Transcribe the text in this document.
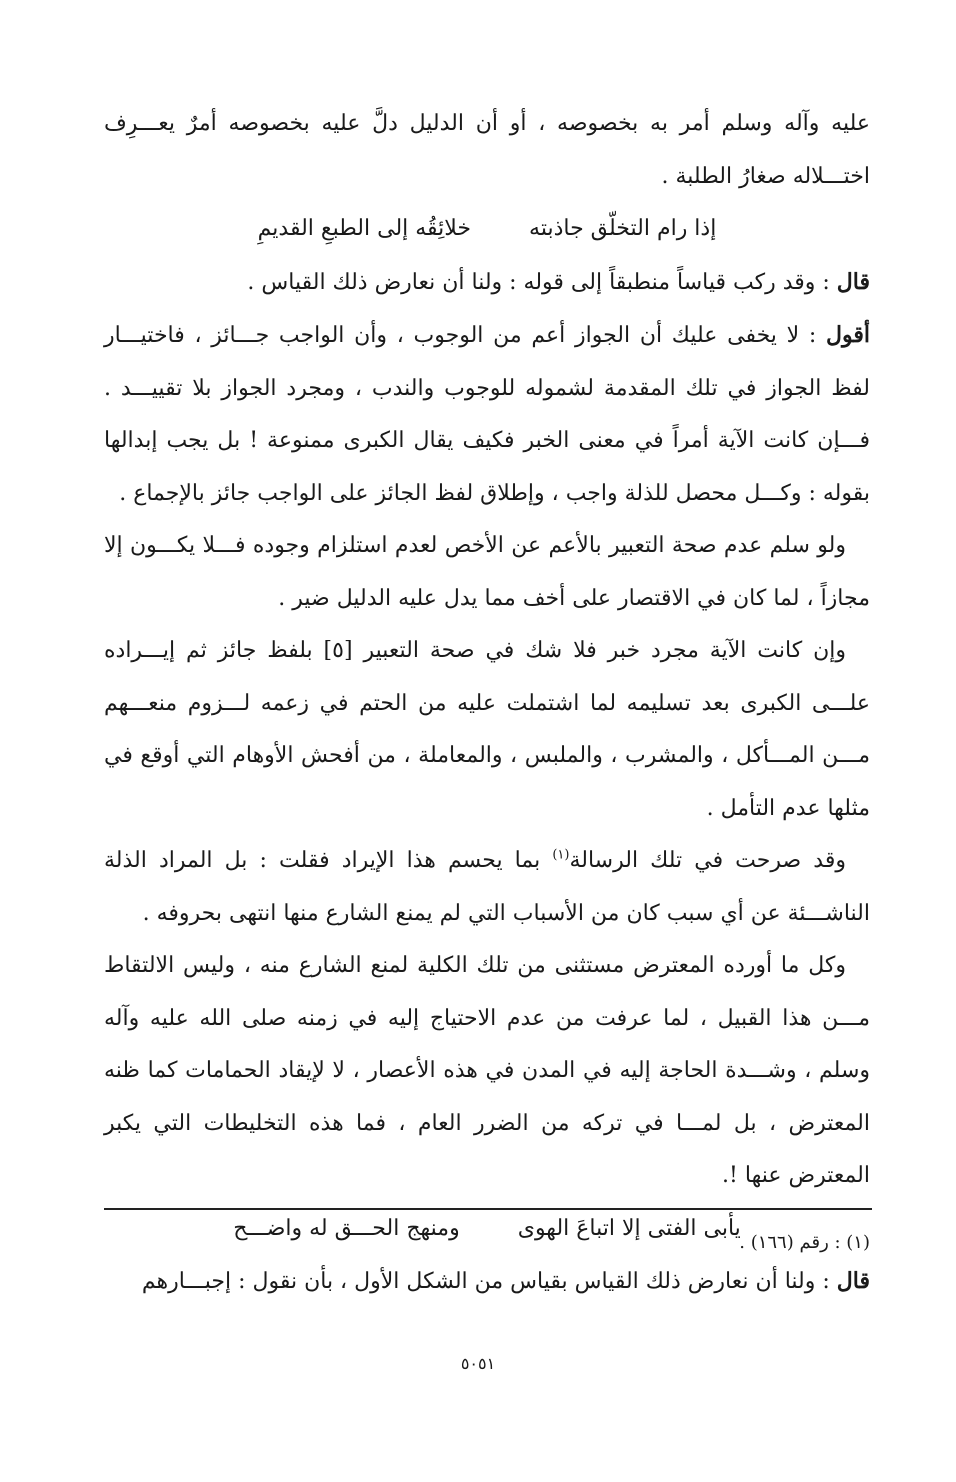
عليه وآله وسلم أمر به بخصوصه ، أو أن الدليل دلَّ عليه بخصوصه أمرٌ يعـــرِف اختـــلاله صغارُ الطلبة .

إذا رام التخلّق جاذبته
خلائِقُه إلى الطبعِ القديمِ

قال : وقد ركب قياساً منطبقاً إلى قوله : ولنا أن نعارض ذلك القياس .

أقول : لا يخفى عليك أن الجواز أعم من الوجوب ، وأن الواجب جـــائز ، فاختيـــار لفظ الجواز في تلك المقدمة لشموله للوجوب والندب ، ومجرد الجواز بلا تقييـــد . فـــإن كانت الآية أمراً في معنى الخبر فكيف يقال الكبرى ممنوعة ! بل يجب إبدالها بقوله : وكـــل محصل للذلة واجب ، وإطلاق لفظ الجائز على الواجب جائز بالإجماع .

ولو سلم عدم صحة التعبير بالأعم عن الأخص لعدم استلزام وجوده فـــلا يكـــون إلا مجازاً ، لما كان في الاقتصار على أخف مما يدل عليه الدليل ضير .

وإن كانت الآية مجرد خبر فلا شك في صحة التعبير [٥] بلفظ جائز ثم إيـــراده علـــى الكبرى بعد تسليمه لما اشتملت عليه من الحتم في زعمه لـــزوم منعـــهم مـــن المـــأكل ، والمشرب ، والملبس ، والمعاملة ، من أفحش الأوهام التي أوقع في مثلها عدم التأمل .

وقد صرحت في تلك الرسالة$^{(١)}$ بما يحسم هذا الإيراد فقلت : بل المراد الذلة الناشـــئة عن أي سبب كان من الأسباب التي لم يمنع الشارع منها انتهى بحروفه .

وكل ما أورده المعترض مستثنى من تلك الكلية لمنع الشارع منه ، وليس الالتقاط مـــن هذا القبيل ، لما عرفت من عدم الاحتياج إليه في زمنه صلى الله عليه وآله وسلم ، وشـــدة الحاجة إليه في المدن في هذه الأعصار ، لا لإيقاد الحمامات كما ظنه المعترض ، بل لمـــا في تركه من الضرر العام ، فما هذه التخليطات التي يكبر المعترض عنها !.

يأبى الفتى إلا اتباعَ الهوى
ومنهج الحـــق له واضـــح

قال : ولنا أن نعارض ذلك القياس بقياس من الشكل الأول ، بأن نقول : إجبـــارهم

(١) : رقم (١٦٦) .
٥٠٥١
